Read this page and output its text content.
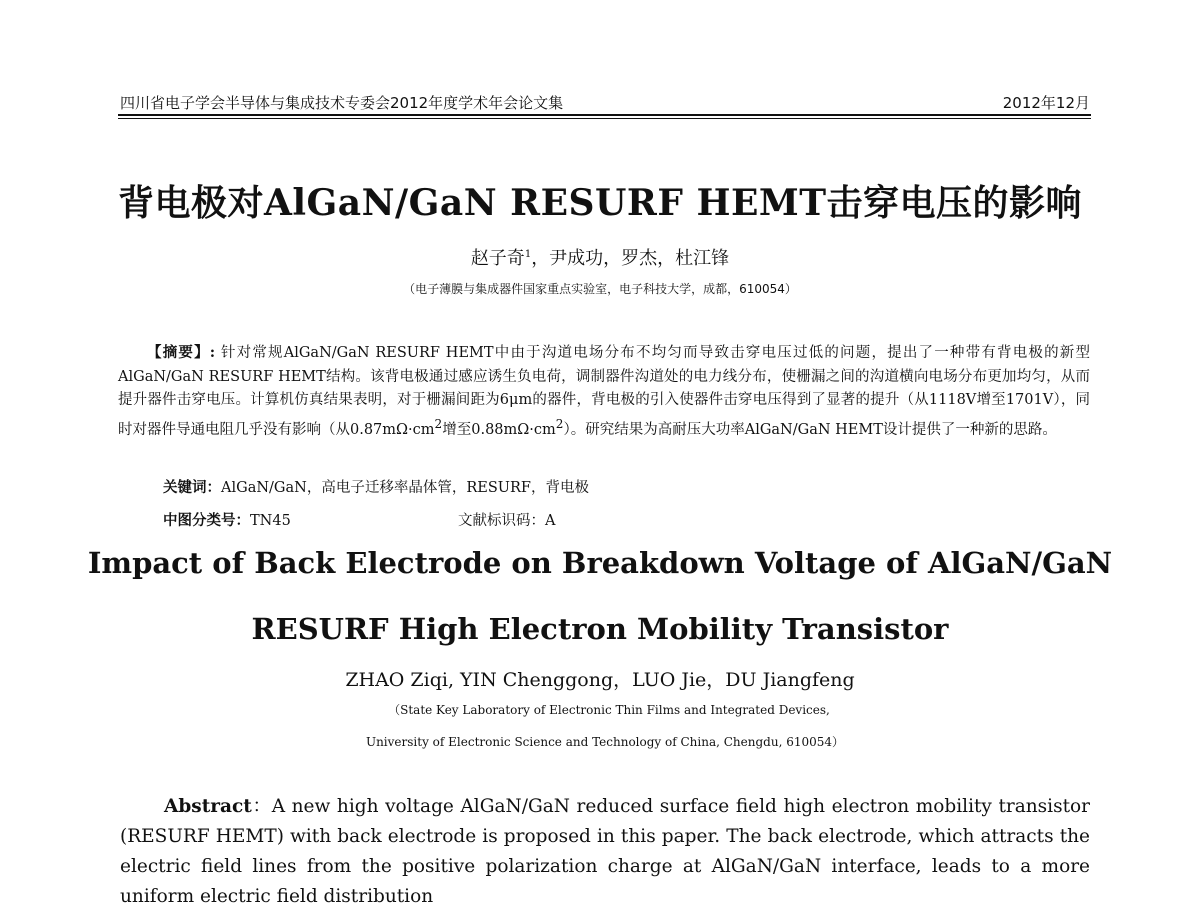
四川省电子学会半导体与集成技术专委会2012年度学术年会论文集	2012年12月
背电极对AlGaN/GaN RESURF HEMT击穿电压的影响
赵子奇$^1$，尹成功，罗杰，杜江锋
（电子薄膜与集成器件国家重点实验室，电子科技大学，成都，610054）
【摘要】: 针对常规AlGaN/GaN RESURF HEMT中由于沟道电场分布不均匀而导致击穿电压过低的问题，提出了一种带有背电极的新型AlGaN/GaN RESURF HEMT结构。该背电极通过感应诱生负电荷，调制器件沟道处的电力线分布，使栅漏之间的沟道横向电场分布更加均匀，从而提升器件击穿电压。计算机仿真结果表明，对于栅漏间距为6μm的器件，背电极的引入使器件击穿电压得到了显著的提升（从1118V增至1701V），同时对器件导通电阻几乎没有影响（从$0.87m\Omega\cdot cm^2$增至$0.88m\Omega\cdot cm^2$）。研究结果为高耐压大功率AlGaN/GaN HEMT设计提供了一种新的思路。
关键词：AlGaN/GaN，高电子迁移率晶体管，RESURF，背电极
中图分类号：TN45	文献标识码：A
Impact of Back Electrode on Breakdown Voltage of AlGaN/GaN
RESURF High Electron Mobility Transistor
ZHAO Ziqi, YIN Chenggong，LUO Jie，DU Jiangfeng
（State Key Laboratory of Electronic Thin Films and Integrated Devices,
University of Electronic Science and Technology of China, Chengdu, 610054）
Abstract：A new high voltage AlGaN/GaN reduced surface field high electron mobility transistor (RESURF HEMT) with back electrode is proposed in this paper. The back electrode, which attracts the electric field lines from the positive polarization charge at AlGaN/GaN interface, leads to a more uniform electric field distribution
